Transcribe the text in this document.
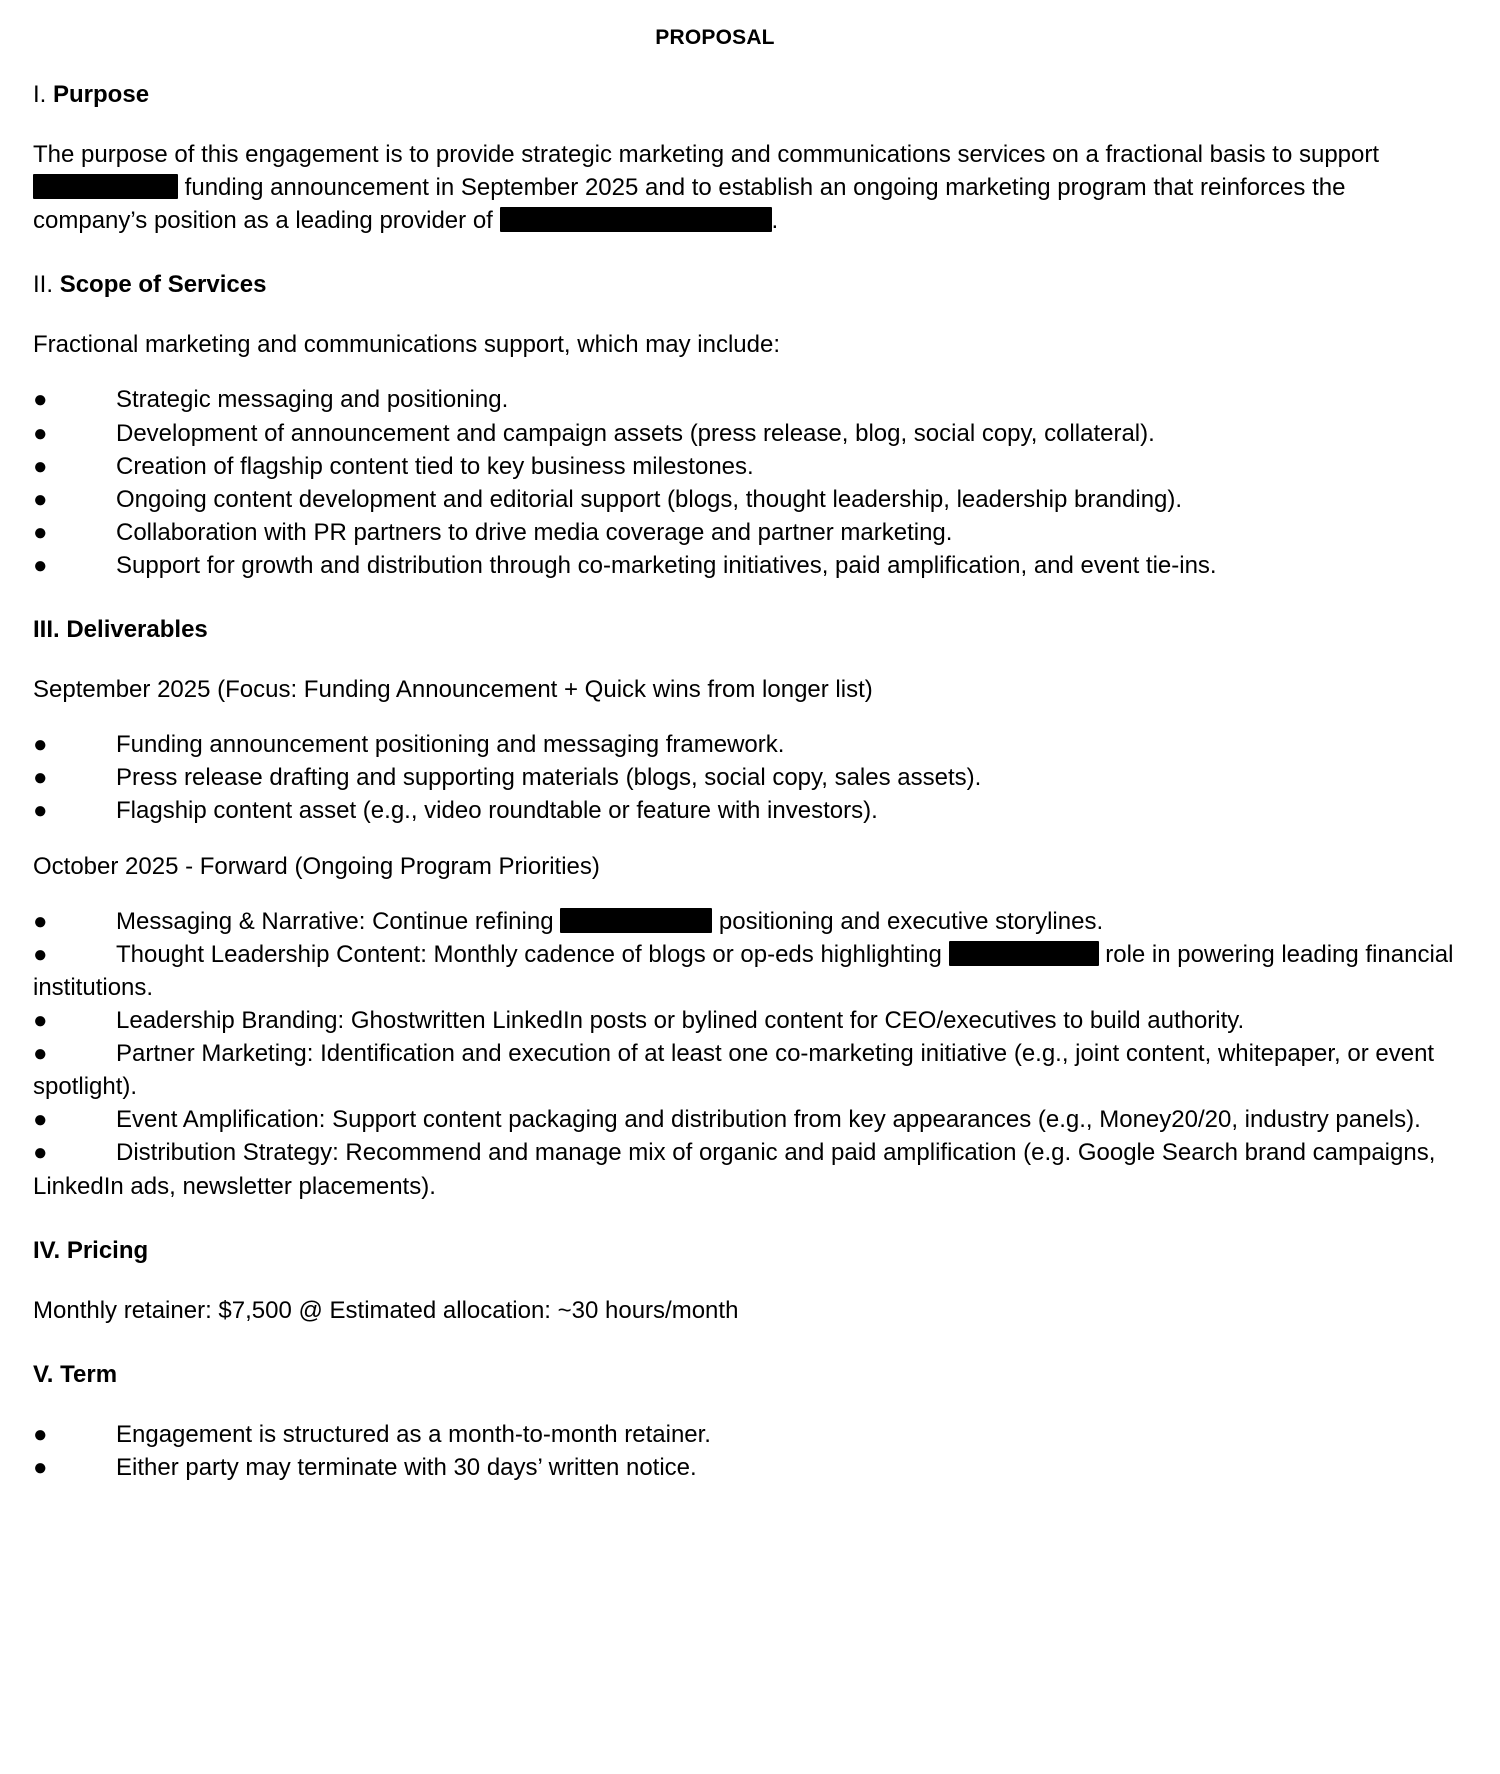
PROPOSAL
I. Purpose
The purpose of this engagement is to provide strategic marketing and communications services on a fractional basis to support  funding announcement in September 2025 and to establish an ongoing marketing program that reinforces the company’s position as a leading provider of	.
II. Scope of Services
Fractional marketing and communications support, which may include:
●	Strategic messaging and positioning.
●	Development of announcement and campaign assets (press release, blog, social copy, collateral).
●	Creation of flagship content tied to key business milestones.
●	Ongoing content development and editorial support (blogs, thought leadership, leadership branding).
●	Collaboration with PR partners to drive media coverage and partner marketing.
●	Support for growth and distribution through co-marketing initiatives, paid amplification, and event tie-ins.
III. Deliverables
September 2025 (Focus: Funding Announcement + Quick wins from longer list)
●	Funding announcement positioning and messaging framework.
●	Press release drafting and supporting materials (blogs, social copy, sales assets).
●	Flagship content asset (e.g., video roundtable or feature with investors).
October 2025 - Forward (Ongoing Program Priorities)
●	Messaging & Narrative: Continue refining	positioning and executive storylines.
●	Thought Leadership Content: Monthly cadence of blogs or op-eds highlighting	role in powering leading financial institutions.
●	Leadership Branding: Ghostwritten LinkedIn posts or bylined content for CEO/executives to build authority.
●	Partner Marketing: Identification and execution of at least one co-marketing initiative (e.g., joint content, whitepaper, or event spotlight).
●	Event Amplification: Support content packaging and distribution from key appearances (e.g., Money20/20, industry panels).
●	Distribution Strategy: Recommend and manage mix of organic and paid amplification (e.g. Google Search brand campaigns, LinkedIn ads, newsletter placements).
IV. Pricing
Monthly retainer: $7,500 @ Estimated allocation: ~30 hours/month
V. Term
●	Engagement is structured as a month-to-month retainer.
●	Either party may terminate with 30 days’ written notice.
